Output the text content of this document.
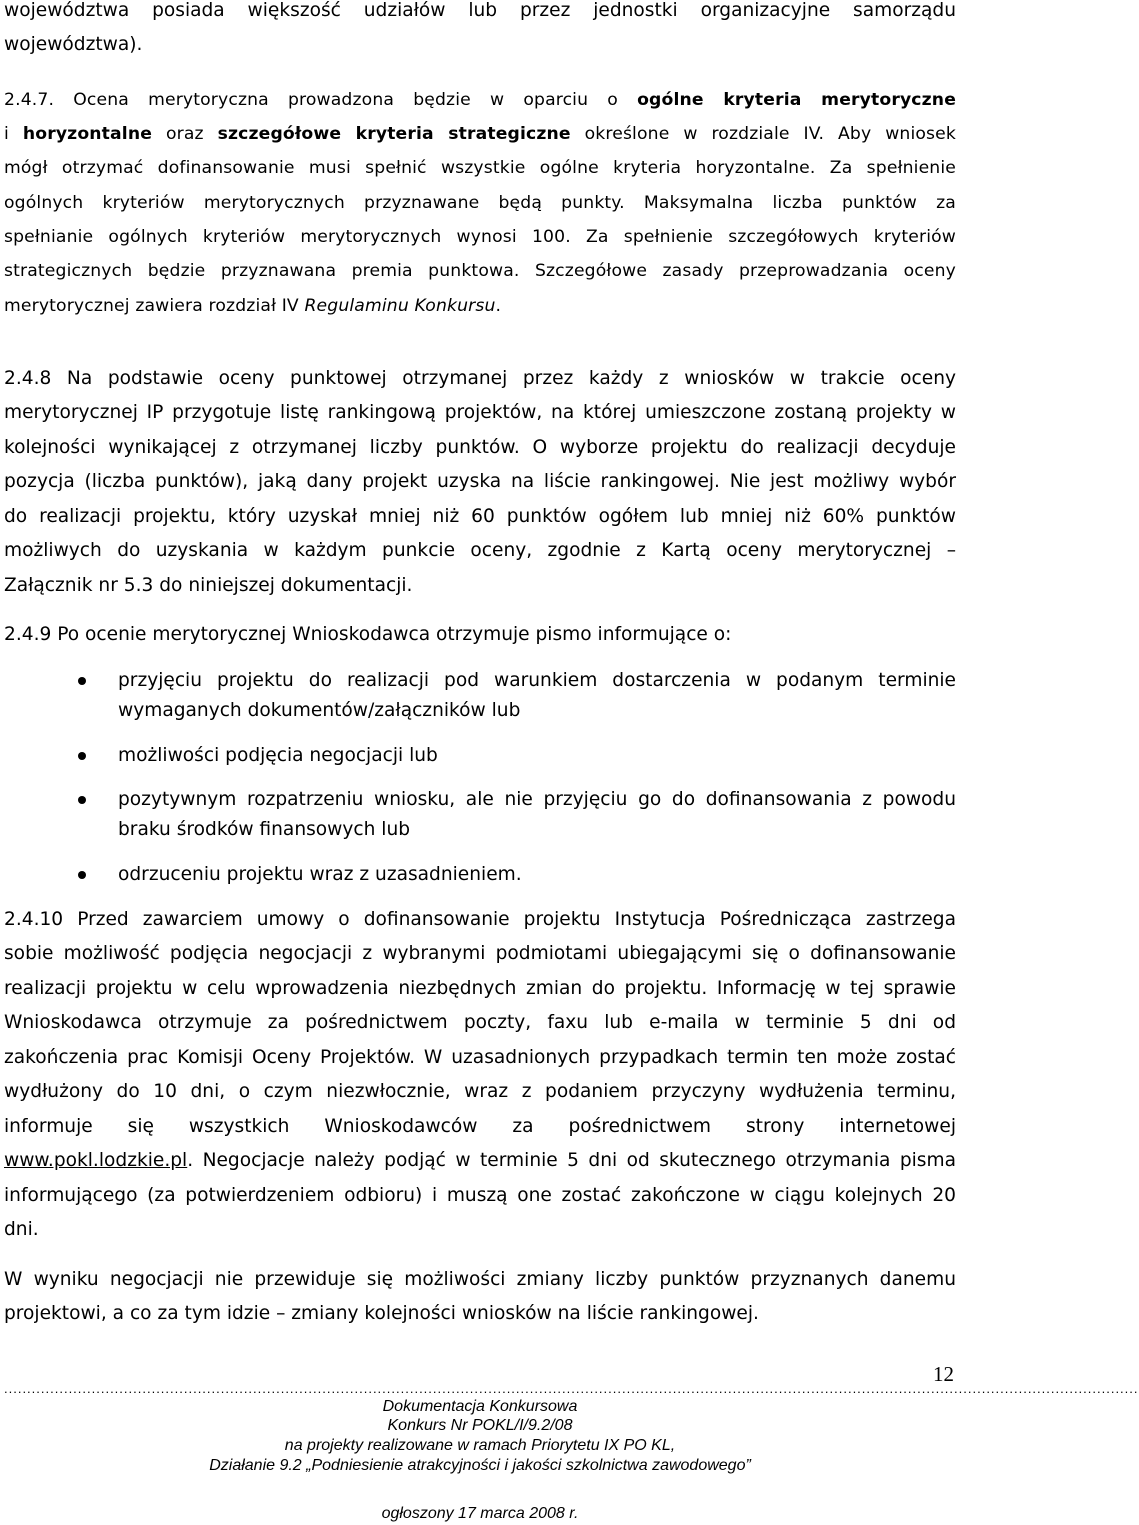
województwa posiada większość udziałów lub przez jednostki organizacyjne samorządu
województwa).
2.4.7. Ocena merytoryczna prowadzona będzie w oparciu o ogólne kryteria merytoryczne
i horyzontalne oraz szczegółowe kryteria strategiczne określone w rozdziale IV. Aby wniosek
mógł otrzymać dofinansowanie musi spełnić wszystkie ogólne kryteria horyzontalne. Za spełnienie
ogólnych kryteriów merytorycznych przyznawane będą punkty. Maksymalna liczba punktów za
spełnianie ogólnych kryteriów merytorycznych wynosi 100. Za spełnienie szczegółowych kryteriów
strategicznych będzie przyznawana premia punktowa. Szczegółowe zasady przeprowadzania oceny
merytorycznej zawiera rozdział IV Regulaminu Konkursu.
2.4.8 Na podstawie oceny punktowej otrzymanej przez każdy z wniosków w trakcie oceny
merytorycznej IP przygotuje listę rankingową projektów, na której umieszczone zostaną projekty w
kolejności wynikającej z otrzymanej liczby punktów. O wyborze projektu do realizacji decyduje
pozycja (liczba punktów), jaką dany projekt uzyska na liście rankingowej. Nie jest możliwy wybór
do realizacji projektu, który uzyskał mniej niż 60 punktów ogółem lub mniej niż 60% punktów
możliwych do uzyskania w każdym punkcie oceny, zgodnie z Kartą oceny merytorycznej –
Załącznik nr 5.3 do niniejszej dokumentacji.
2.4.9 Po ocenie merytorycznej Wnioskodawca otrzymuje pismo informujące o:
przyjęciu projektu do realizacji pod warunkiem dostarczenia w podanym terminie
wymaganych dokumentów/załączników lub
możliwości podjęcia negocjacji lub
pozytywnym rozpatrzeniu wniosku, ale nie przyjęciu go do dofinansowania z powodu
braku środków finansowych lub
odrzuceniu projektu wraz z uzasadnieniem.
2.4.10 Przed zawarciem umowy o dofinansowanie projektu Instytucja Pośrednicząca zastrzega
sobie możliwość podjęcia negocjacji z wybranymi podmiotami ubiegającymi się o dofinansowanie
realizacji projektu w celu wprowadzenia niezbędnych zmian do projektu. Informację w tej sprawie
Wnioskodawca otrzymuje za pośrednictwem poczty, faxu lub e-maila w terminie 5 dni od
zakończenia prac Komisji Oceny Projektów. W uzasadnionych przypadkach termin ten może zostać
wydłużony do 10 dni, o czym niezwłocznie, wraz z podaniem przyczyny wydłużenia terminu,
informuje się wszystkich Wnioskodawców za pośrednictwem strony internetowej
www.pokl.lodzkie.pl. Negocjacje należy podjąć w terminie 5 dni od skutecznego otrzymania pisma
informującego (za potwierdzeniem odbioru) i muszą one zostać zakończone w ciągu kolejnych 20
dni.
W wyniku negocjacji nie przewiduje się możliwości zmiany liczby punktów przyznanych danemu
projektowi, a co za tym idzie – zmiany kolejności wniosków na liście rankingowej.
12
......................................................................................................................................................................................................................................................
Dokumentacja Konkursowa
Konkurs Nr POKL/I/9.2/08
na projekty realizowane w ramach Priorytetu IX PO KL,
Działanie 9.2 „Podniesienie atrakcyjności i jakości szkolnictwa zawodowego”
ogłoszony 17 marca 2008 r.
